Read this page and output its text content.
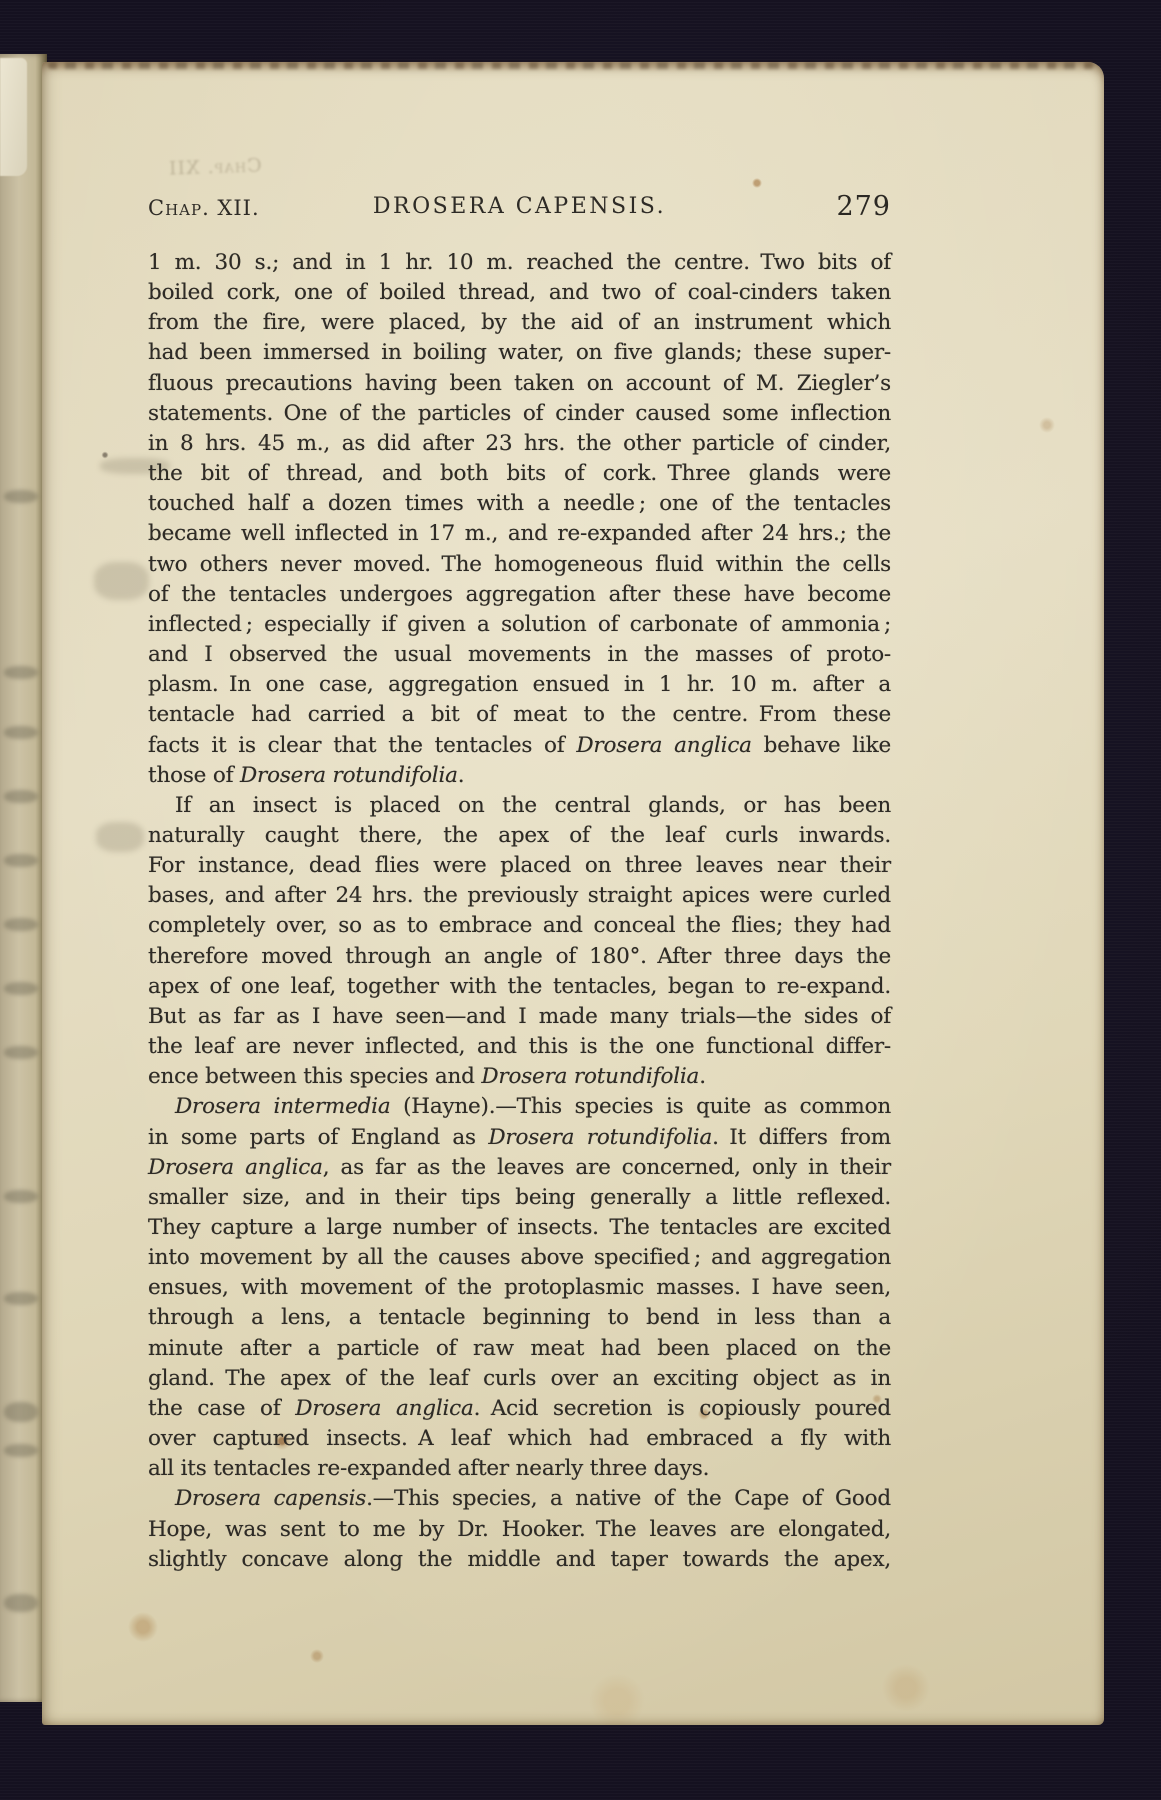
Chap. XII
Chap. XII.	DROSERA CAPENSIS.	279
1 m. 30 s.; and in 1 hr. 10 m. reached the centre. Two bits of
boiled cork, one of boiled thread, and two of coal-cinders taken
from the fire, were placed, by the aid of an instrument which
had been immersed in boiling water, on five glands; these super-
fluous precautions having been taken on account of M. Ziegler’s
statements. One of the particles of cinder caused some inflection
in 8 hrs. 45 m., as did after 23 hrs. the other particle of cinder,
the bit of thread, and both bits of cork. Three glands were
touched half a dozen times with a needle ; one of the tentacles
became well inflected in 17 m., and re-expanded after 24 hrs.; the
two others never moved. The homogeneous fluid within the cells
of the tentacles undergoes aggregation after these have become
inflected ; especially if given a solution of carbonate of ammonia ;
and I observed the usual movements in the masses of proto-
plasm. In one case, aggregation ensued in 1 hr. 10 m. after a
tentacle had carried a bit of meat to the centre. From these
facts it is clear that the tentacles of Drosera anglica behave like
those of Drosera rotundifolia.
If an insect is placed on the central glands, or has been
naturally caught there, the apex of the leaf curls inwards.
For instance, dead flies were placed on three leaves near their
bases, and after 24 hrs. the previously straight apices were curled
completely over, so as to embrace and conceal the flies; they had
therefore moved through an angle of 180°. After three days the
apex of one leaf, together with the tentacles, began to re-expand.
But as far as I have seen—and I made many trials—the sides of
the leaf are never inflected, and this is the one functional differ-
ence between this species and Drosera rotundifolia.
Drosera intermedia (Hayne).—This species is quite as common
in some parts of England as Drosera rotundifolia. It differs from
Drosera anglica, as far as the leaves are concerned, only in their
smaller size, and in their tips being generally a little reflexed.
They capture a large number of insects. The tentacles are excited
into movement by all the causes above specified ; and aggregation
ensues, with movement of the protoplasmic masses. I have seen,
through a lens, a tentacle beginning to bend in less than a
minute after a particle of raw meat had been placed on the
gland. The apex of the leaf curls over an exciting object as in
the case of Drosera anglica. Acid secretion is copiously poured
over captured insects. A leaf which had embraced a fly with
all its tentacles re-expanded after nearly three days.
Drosera capensis.—This species, a native of the Cape of Good
Hope, was sent to me by Dr. Hooker. The leaves are elongated,
slightly concave along the middle and taper towards the apex,
